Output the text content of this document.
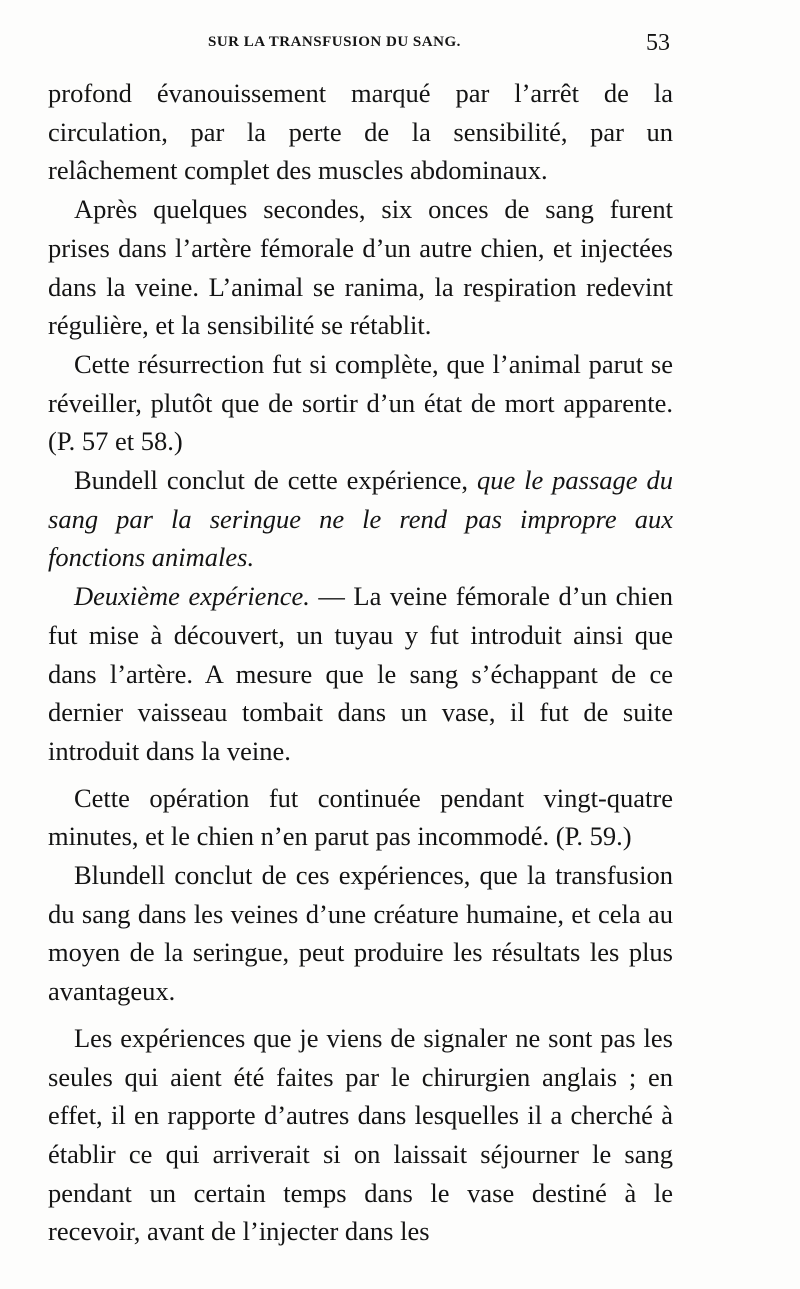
SUR LA TRANSFUSION DU SANG.	53

profond évanouissement marqué par l’arrêt de la circulation, par la perte de la sensibilité, par un relâchement complet des muscles abdominaux.

Après quelques secondes, six onces de sang furent prises dans l’artère fémorale d’un autre chien, et injectées dans la veine. L’animal se ranima, la respiration redevint régulière, et la sensibilité se rétablit.

Cette résurrection fut si complète, que l’animal parut se réveiller, plutôt que de sortir d’un état de mort apparente. (P. 57 et 58.)

Bundell conclut de cette expérience, que le passage du sang par la seringue ne le rend pas impropre aux fonctions animales.

Deuxième expérience. — La veine fémorale d’un chien fut mise à découvert, un tuyau y fut introduit ainsi que dans l’artère. A mesure que le sang s’échappant de ce dernier vaisseau tombait dans un vase, il fut de suite introduit dans la veine.

Cette opération fut continuée pendant vingt-quatre minutes, et le chien n’en parut pas incommodé. (P. 59.)

Blundell conclut de ces expériences, que la transfusion du sang dans les veines d’une créature humaine, et cela au moyen de la seringue, peut produire les résultats les plus avantageux.

Les expériences que je viens de signaler ne sont pas les seules qui aient été faites par le chirurgien anglais ; en effet, il en rapporte d’autres dans lesquelles il a cherché à établir ce qui arriverait si on laissait séjourner le sang pendant un certain temps dans le vase destiné à le recevoir, avant de l’injecter dans les
